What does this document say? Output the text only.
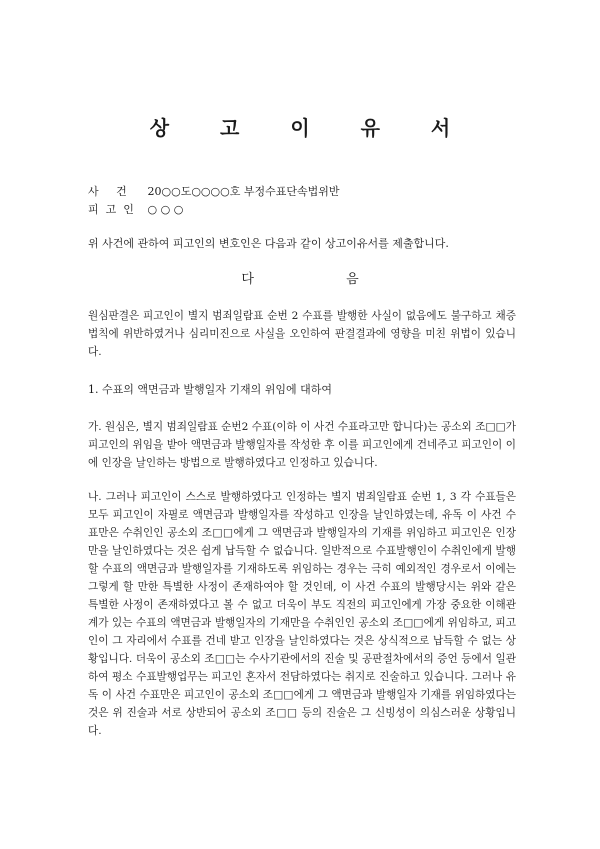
상 고 이 유 서
사 건 20○○도○○○○호 부정수표단속법위반
피고인 ○ ○ ○
위 사건에 관하여 피고인의 변호인은 다음과 같이 상고이유서를 제출합니다.
다 음
원심판결은 피고인이 별지 범죄일람표 순번 2 수표를 발행한 사실이 없음에도 불구하고 채증법칙에 위반하였거나 심리미진으로 사실을 오인하여 판결결과에 영향을 미친 위법이 있습니다.
1. 수표의 액면금과 발행일자 기재의 위임에 대하여
가. 원심은, 별지 범죄일람표 순번2 수표(이하 이 사건 수표라고만 합니다)는 공소외 조□□가 피고인의 위임을 받아 액면금과 발행일자를 작성한 후 이를 피고인에게 건네주고 피고인이 이에 인장을 날인하는 방법으로 발행하였다고 인정하고 있습니다.
나. 그러나 피고인이 스스로 발행하였다고 인정하는 별지 범죄일람표 순번 1, 3 각 수표들은 모두 피고인이 자필로 액면금과 발행일자를 작성하고 인장을 날인하였는데, 유독 이 사건 수표만은 수취인인 공소외 조□□에게 그 액면금과 발행일자의 기재를 위임하고 피고인은 인장만을 날인하였다는 것은 쉽게 납득할 수 없습니다. 일반적으로 수표발행인이 수취인에게 발행할 수표의 액면금과 발행일자를 기재하도록 위임하는 경우는 극히 예외적인 경우로서 이에는 그렇게 할 만한 특별한 사정이 존재하여야 할 것인데, 이 사건 수표의 발행당시는 위와 같은 특별한 사정이 존재하였다고 볼 수 없고 더욱이 부도 직전의 피고인에게 가장 중요한 이해관계가 있는 수표의 액면금과 발행일자의 기재만을 수취인인 공소외 조□□에게 위임하고, 피고인이 그 자리에서 수표를 건네 받고 인장을 날인하였다는 것은 상식적으로 납득할 수 없는 상황입니다. 더욱이 공소외 조□□는 수사기관에서의 진술 및 공판절차에서의 증언 등에서 일관하여 평소 수표발행업무는 피고인 혼자서 전담하였다는 취지로 진술하고 있습니다. 그러나 유독 이 사건 수표만은 피고인이 공소외 조□□에게 그 액면금과 발행일자 기재를 위임하였다는 것은 위 진술과 서로 상반되어 공소외 조□□ 등의 진술은 그 신빙성이 의심스러운 상황입니다.
